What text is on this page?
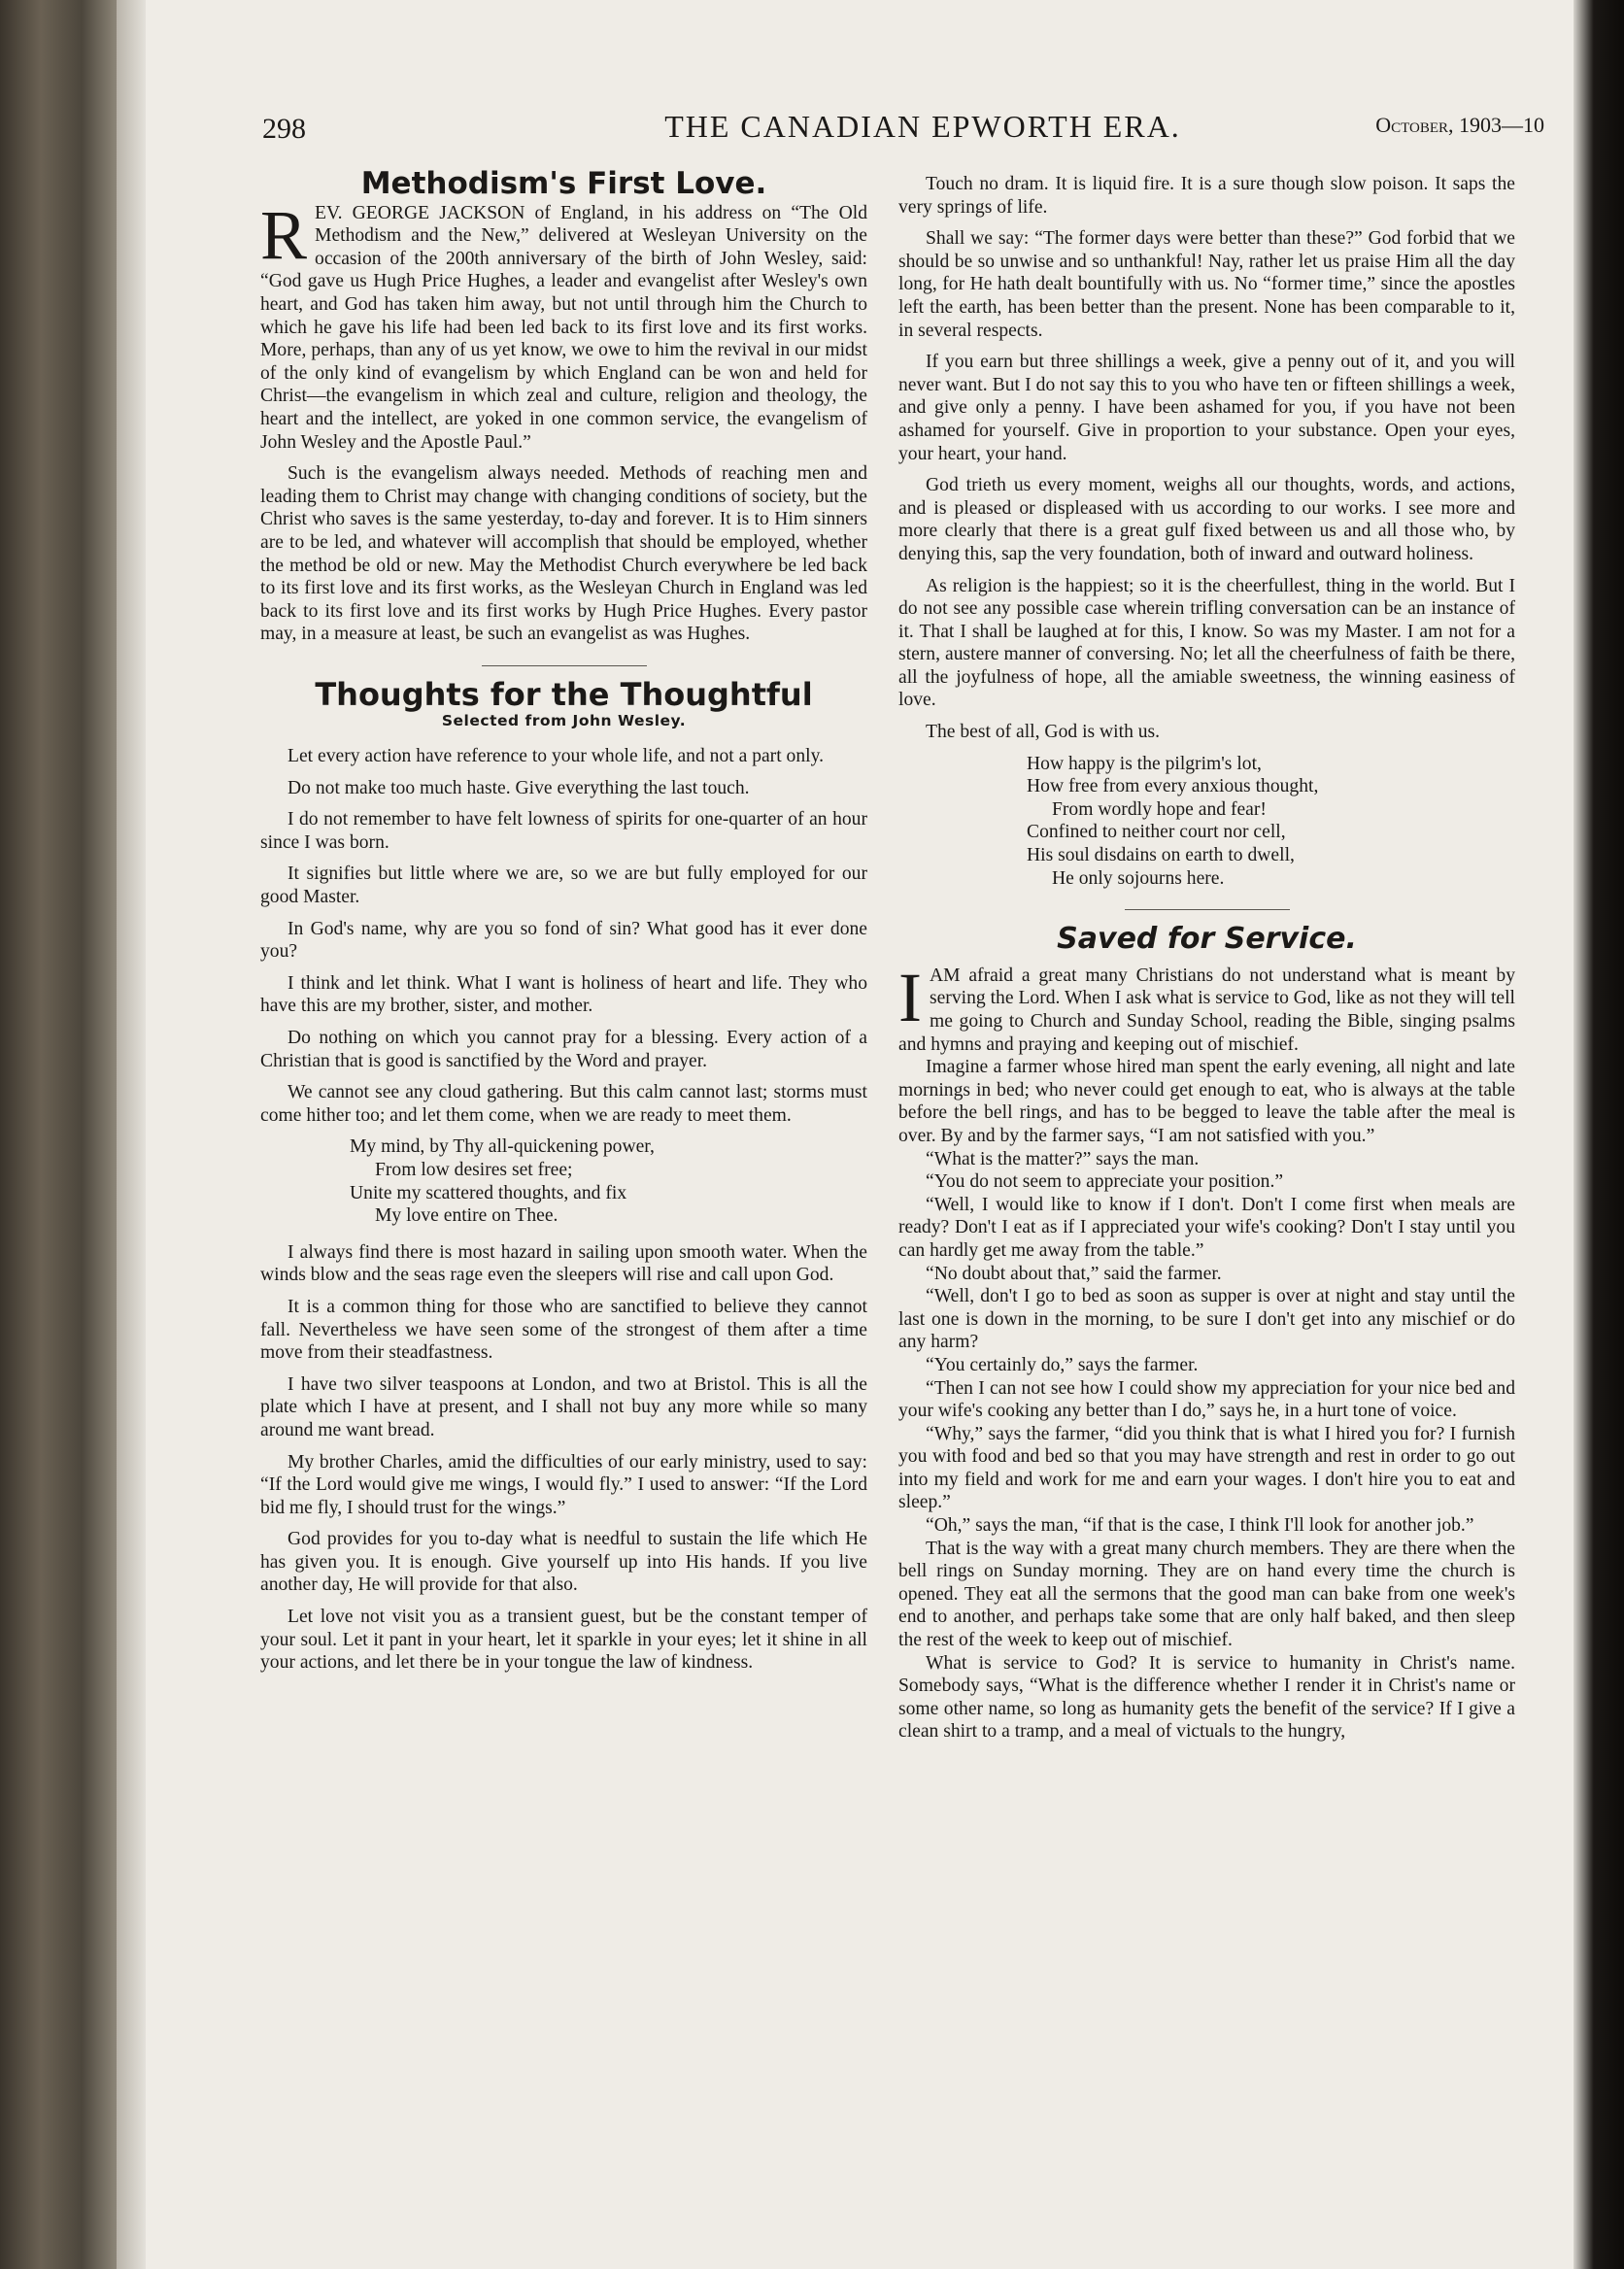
298	THE CANADIAN EPWORTH ERA.	October, 1903—10
Methodism's First Love.

REV. GEORGE JACKSON of England, in his address on “The Old Methodism and the New,” delivered at Wesleyan University on the occasion of the 200th anniversary of the birth of John Wesley, said: “God gave us Hugh Price Hughes, a leader and evangelist after Wesley's own heart, and God has taken him away, but not until through him the Church to which he gave his life had been led back to its first love and its first works. More, perhaps, than any of us yet know, we owe to him the revival in our midst of the only kind of evangelism by which England can be won and held for Christ—the evangelism in which zeal and culture, religion and theology, the heart and the intellect, are yoked in one common service, the evangelism of John Wesley and the Apostle Paul.”

Such is the evangelism always needed. Methods of reaching men and leading them to Christ may change with changing conditions of society, but the Christ who saves is the same yesterday, to-day and forever. It is to Him sinners are to be led, and whatever will accomplish that should be employed, whether the method be old or new. May the Methodist Church everywhere be led back to its first love and its first works, as the Wesleyan Church in England was led back to its first love and its first works by Hugh Price Hughes. Every pastor may, in a measure at least, be such an evangelist as was Hughes.

Thoughts for the Thoughtful
Selected from John Wesley.

Let every action have reference to your whole life, and not a part only.

Do not make too much haste. Give everything the last touch.

I do not remember to have felt lowness of spirits for one-quarter of an hour since I was born.

It signifies but little where we are, so we are but fully employed for our good Master.

In God's name, why are you so fond of sin? What good has it ever done you?

I think and let think. What I want is holiness of heart and life. They who have this are my brother, sister, and mother.

Do nothing on which you cannot pray for a blessing. Every action of a Christian that is good is sanctified by the Word and prayer.

We cannot see any cloud gathering. But this calm cannot last; storms must come hither too; and let them come, when we are ready to meet them.

My mind, by Thy all-quickening power,

From low desires set free;

Unite my scattered thoughts, and fix

My love entire on Thee.

I always find there is most hazard in sailing upon smooth water. When the winds blow and the seas rage even the sleepers will rise and call upon God.

It is a common thing for those who are sanctified to believe they cannot fall. Nevertheless we have seen some of the strongest of them after a time move from their steadfastness.

I have two silver teaspoons at London, and two at Bristol. This is all the plate which I have at present, and I shall not buy any more while so many around me want bread.

My brother Charles, amid the difficulties of our early ministry, used to say: “If the Lord would give me wings, I would fly.” I used to answer: “If the Lord bid me fly, I should trust for the wings.”

God provides for you to-day what is needful to sustain the life which He has given you. It is enough. Give yourself up into His hands. If you live another day, He will provide for that also.

Let love not visit you as a transient guest, but be the constant temper of your soul. Let it pant in your heart, let it sparkle in your eyes; let it shine in all your actions, and let there be in your tongue the law of kindness.

Touch no dram. It is liquid fire. It is a sure though slow poison. It saps the very springs of life.

Shall we say: “The former days were better than these?” God forbid that we should be so unwise and so unthankful! Nay, rather let us praise Him all the day long, for He hath dealt bountifully with us. No “former time,” since the apostles left the earth, has been better than the present. None has been comparable to it, in several respects.

If you earn but three shillings a week, give a penny out of it, and you will never want. But I do not say this to you who have ten or fifteen shillings a week, and give only a penny. I have been ashamed for you, if you have not been ashamed for yourself. Give in proportion to your substance. Open your eyes, your heart, your hand.

God trieth us every moment, weighs all our thoughts, words, and actions, and is pleased or displeased with us according to our works. I see more and more clearly that there is a great gulf fixed between us and all those who, by denying this, sap the very foundation, both of inward and outward holiness.

As religion is the happiest; so it is the cheerfullest, thing in the world. But I do not see any possible case wherein trifling conversation can be an instance of it. That I shall be laughed at for this, I know. So was my Master. I am not for a stern, austere manner of conversing. No; let all the cheerfulness of faith be there, all the joyfulness of hope, all the amiable sweetness, the winning easiness of love.

The best of all, God is with us.

How happy is the pilgrim's lot,

How free from every anxious thought,

From wordly hope and fear!

Confined to neither court nor cell,

His soul disdains on earth to dwell,

He only sojourns here.

Saved for Service.

IAM afraid a great many Christians do not understand what is meant by serving the Lord. When I ask what is service to God, like as not they will tell me going to Church and Sunday School, reading the Bible, singing psalms and hymns and praying and keeping out of mischief.

Imagine a farmer whose hired man spent the early evening, all night and late mornings in bed; who never could get enough to eat, who is always at the table before the bell rings, and has to be begged to leave the table after the meal is over. By and by the farmer says, “I am not satisfied with you.”

“What is the matter?” says the man.

“You do not seem to appreciate your position.”

“Well, I would like to know if I don't. Don't I come first when meals are ready? Don't I eat as if I appreciated your wife's cooking? Don't I stay until you can hardly get me away from the table.”

“No doubt about that,” said the farmer.

“Well, don't I go to bed as soon as supper is over at night and stay until the last one is down in the morning, to be sure I don't get into any mischief or do any harm?

“You certainly do,” says the farmer.

“Then I can not see how I could show my appreciation for your nice bed and your wife's cooking any better than I do,” says he, in a hurt tone of voice.

“Why,” says the farmer, “did you think that is what I hired you for? I furnish you with food and bed so that you may have strength and rest in order to go out into my field and work for me and earn your wages. I don't hire you to eat and sleep.”

“Oh,” says the man, “if that is the case, I think I'll look for another job.”

That is the way with a great many church members. They are there when the bell rings on Sunday morning. They are on hand every time the church is opened. They eat all the sermons that the good man can bake from one week's end to another, and perhaps take some that are only half baked, and then sleep the rest of the week to keep out of mischief.

What is service to God? It is service to humanity in Christ's name. Somebody says, “What is the difference whether I render it in Christ's name or some other name, so long as humanity gets the benefit of the service? If I give a clean shirt to a tramp, and a meal of victuals to the hungry,
